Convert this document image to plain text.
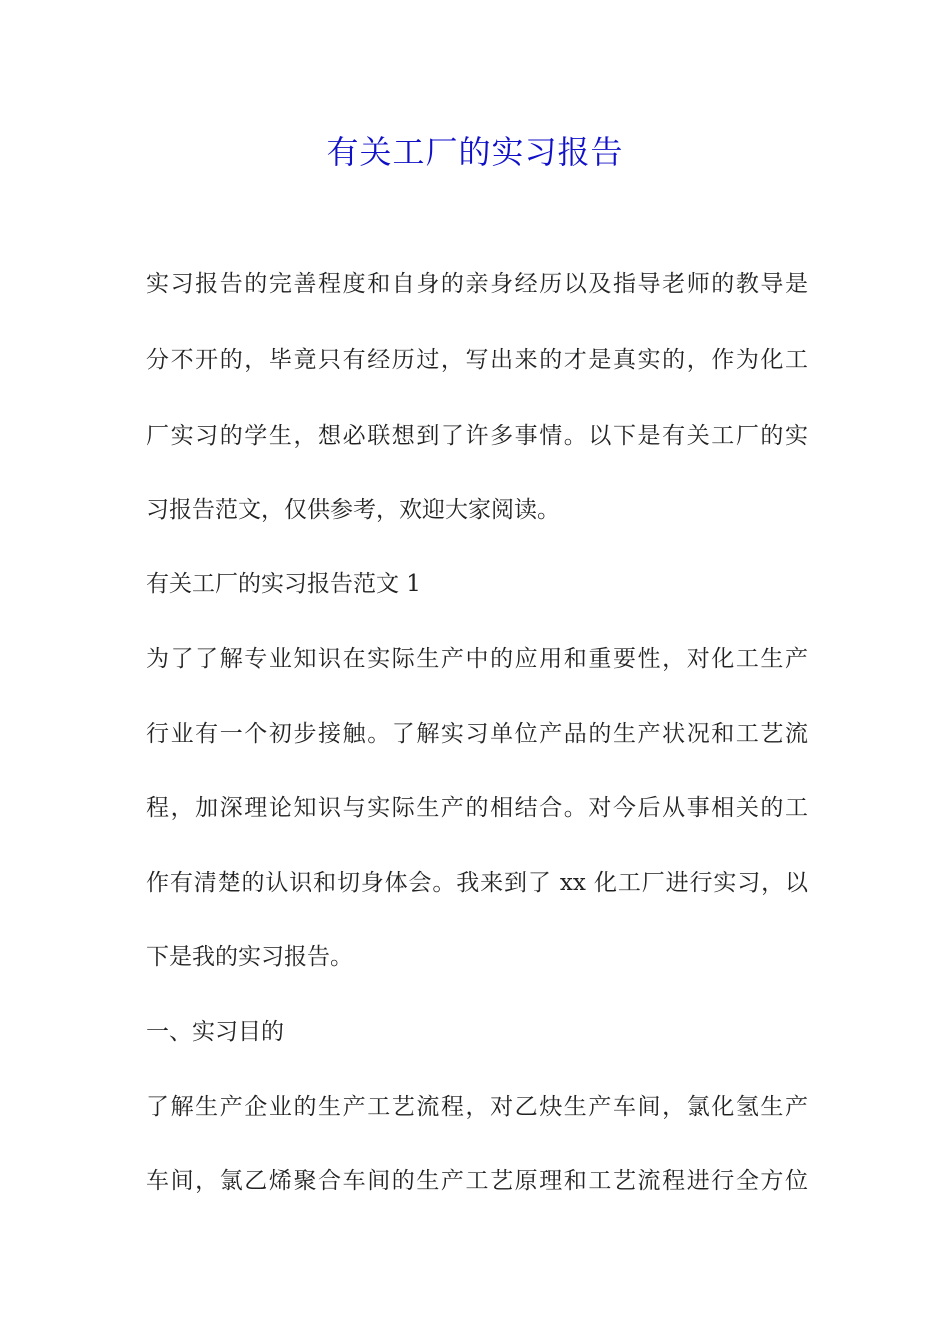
有关工厂的实习报告
实习报告的完善程度和自身的亲身经历以及指导老师的教导是
分不开的，毕竟只有经历过，写出来的才是真实的，作为化工
厂实习的学生，想必联想到了许多事情。以下是有关工厂的实
习报告范文，仅供参考，欢迎大家阅读。
有关工厂的实习报告范文 1
为了了解专业知识在实际生产中的应用和重要性，对化工生产
行业有一个初步接触。了解实习单位产品的生产状况和工艺流
程，加深理论知识与实际生产的相结合。对今后从事相关的工
作有清楚的认识和切身体会。我来到了 xx 化工厂进行实习，以
下是我的实习报告。
一、实习目的
了解生产企业的生产工艺流程，对乙炔生产车间，氯化氢生产
车间，氯乙烯聚合车间的生产工艺原理和工艺流程进行全方位
